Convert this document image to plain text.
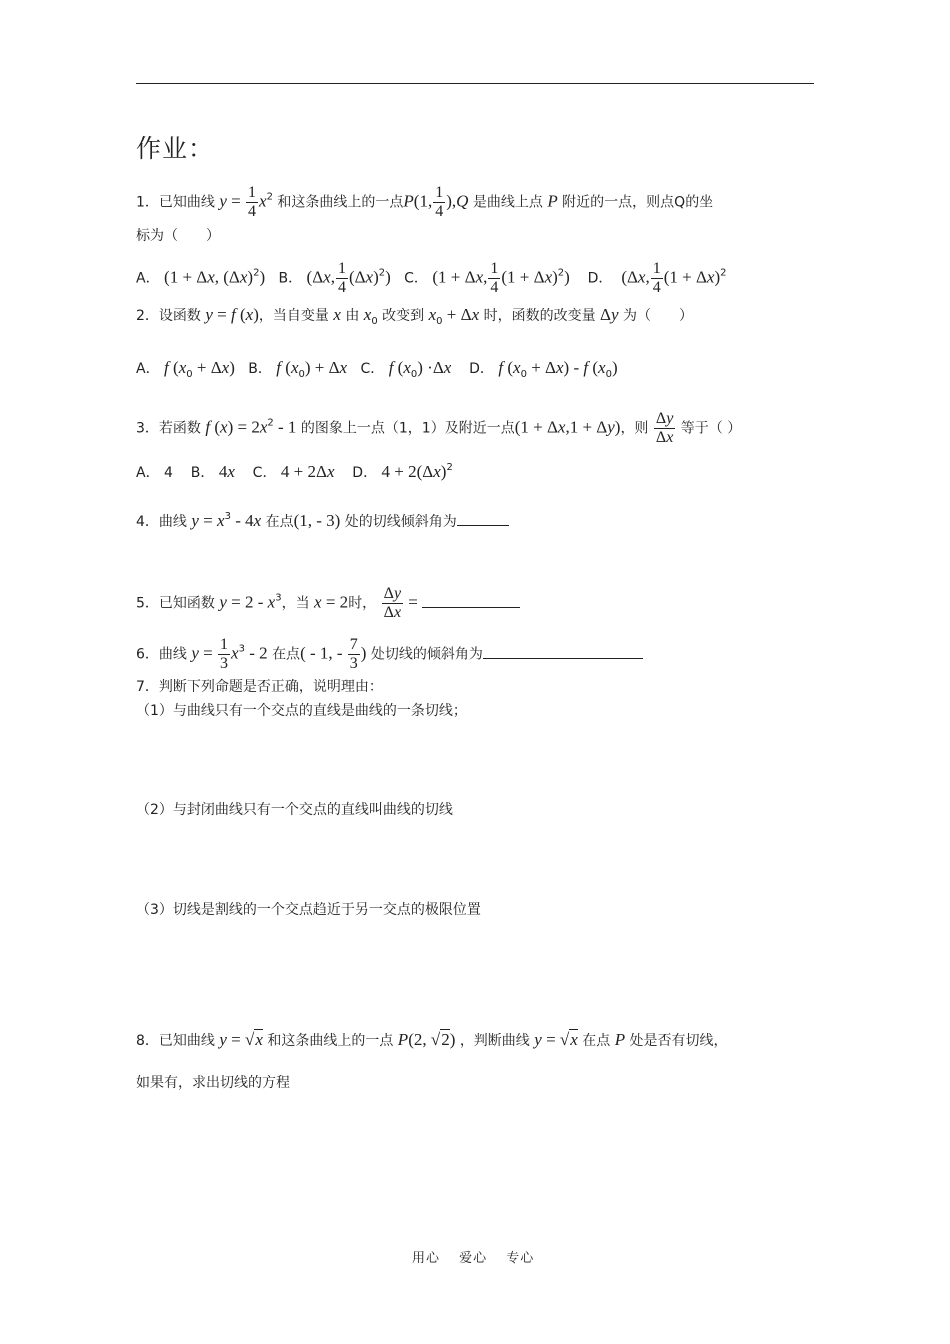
作业：
1．已知曲线 $y = \frac{1}{4} x^2$ 和这条曲线上的一点P(1, $\frac{1}{4} ),Q$ 是曲线上点 P 附近的一点，则点Q的坐
标为（　　）
A． (1 + Δx, $(\Delta x)^2$) B． (Δx, $\frac{1}{4} (\Delta x)^2$) C． (1 + Δx, $\frac{1}{4} (1 + \Delta x)^2$) D． (Δx, $\frac{1}{4} (1 + \Delta x)^2$
2．设函数 y = f (x)，当自变量 x 由 $x_0$ 改变到 $x_0 + \Delta x$ 时，函数的改变量 Δy 为（　　）
A． f $(x_0 + \Delta x)$ B． f $(x_0) + \Delta x$ C． f $(x_0) \cdot\Delta x$ D． f $(x_0 + \Delta x) - f$ $(x_0)$
3．若函数 f $(x) = 2x^2 - 1$ 的图象上一点（1，1）及附近一点(1 + Δx,1 + Δy)，则 $\frac{\Delta y}{\Delta x}$ 等于（ ）
A． 4 B． 4x C． 4 + 2Δx D． $4 + 2(\Delta x)^2$
4．曲线 $y = x^3 - 4x$ 在点(1, - 3) 处的切线倾斜角为
5．已知函数 $y = 2 - x^3$，当 x = 2时， $\frac{\Delta y}{\Delta x}$ =
6．曲线 $y = \frac{1}{3} x^3 - 2$ 在点( - 1, - $\frac{7}{3}$ ) 处切线的倾斜角为
7．判断下列命题是否正确，说明理由：
（1）与曲线只有一个交点的直线是曲线的一条切线；
（2）与封闭曲线只有一个交点的直线叫曲线的切线
（3）切线是割线的一个交点趋近于另一交点的极限位置
8．已知曲线 y = √x 和这条曲线上的一点 P(2, √2) ，判断曲线 y = √x 在点 P 处是否有切线，
如果有，求出切线的方程
用心　 爱心　 专心
